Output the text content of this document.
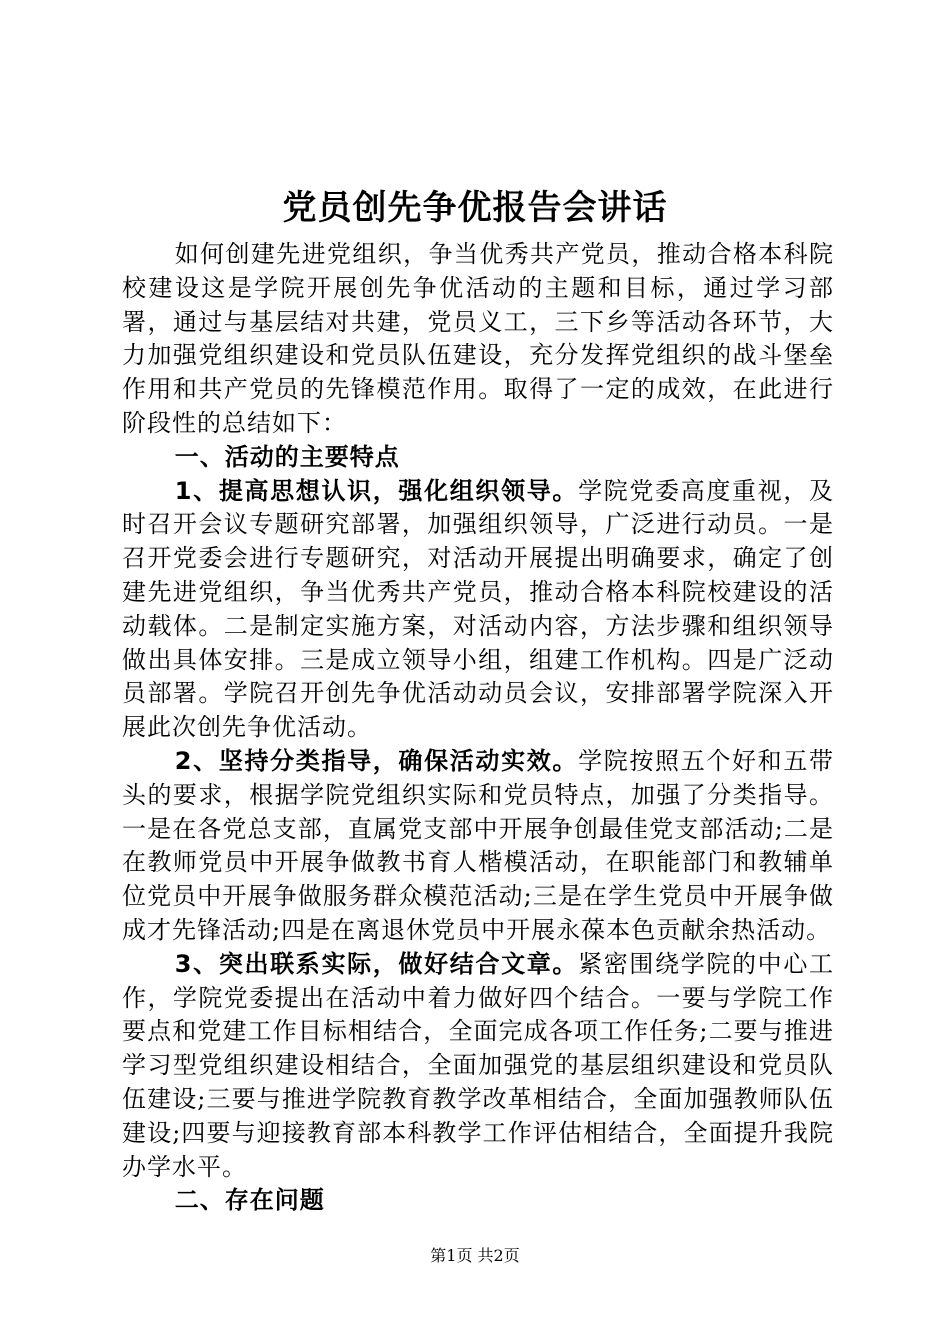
党员创先争优报告会讲话

如何创建先进党组织，争当优秀共产党员，推动合格本科院校建设这是学院开展创先争优活动的主题和目标，通过学习部署，通过与基层结对共建，党员义工，三下乡等活动各环节，大力加强党组织建设和党员队伍建设，充分发挥党组织的战斗堡垒作用和共产党员的先锋模范作用。取得了一定的成效，在此进行阶段性的总结如下：

一、活动的主要特点

1、提高思想认识，强化组织领导。学院党委高度重视，及时召开会议专题研究部署，加强组织领导，广泛进行动员。一是召开党委会进行专题研究，对活动开展提出明确要求，确定了创建先进党组织，争当优秀共产党员，推动合格本科院校建设的活动载体。二是制定实施方案，对活动内容，方法步骤和组织领导做出具体安排。三是成立领导小组，组建工作机构。四是广泛动员部署。学院召开创先争优活动动员会议，安排部署学院深入开展此次创先争优活动。

2、坚持分类指导，确保活动实效。学院按照五个好和五带头的要求，根据学院党组织实际和党员特点，加强了分类指导。一是在各党总支部，直属党支部中开展争创最佳党支部活动;二是在教师党员中开展争做教书育人楷模活动，在职能部门和教辅单位党员中开展争做服务群众模范活动;三是在学生党员中开展争做成才先锋活动;四是在离退休党员中开展永葆本色贡献余热活动。

3、突出联系实际，做好结合文章。紧密围绕学院的中心工作，学院党委提出在活动中着力做好四个结合。一要与学院工作要点和党建工作目标相结合，全面完成各项工作任务;二要与推进学习型党组织建设相结合，全面加强党的基层组织建设和党员队伍建设;三要与推进学院教育教学改革相结合，全面加强教师队伍建设;四要与迎接教育部本科教学工作评估相结合，全面提升我院办学水平。

二、存在问题

第1页 共2页
